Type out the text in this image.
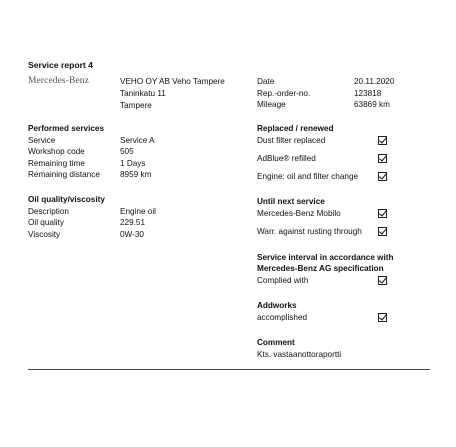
Service report 4
Mercedes-Benz	VEHO OY AB Veho Tampere
Taninkatu 11
Tampere
Date	20.11.2020
Rep.-order-no.	123818
Mileage	63869 km
Performed services
Service	Service A
Workshop code	505
Remaining time	1 Days
Remaining distance	8959 km
Oil quality/viscosity
Description	Engine oil
Oil quality	229.51
Viscosity	0W-30
Replaced / renewed
Dust filter replaced
AdBlue® refilled
Engine: oil and filter change
Until next service
Mercedes-Benz Mobilo
Warr. against rusting through
Service interval in accordance with
Mercedes-Benz AG specification
Complied with
Addworks
accomplished
Comment
Kts. vastaanottoraportti
